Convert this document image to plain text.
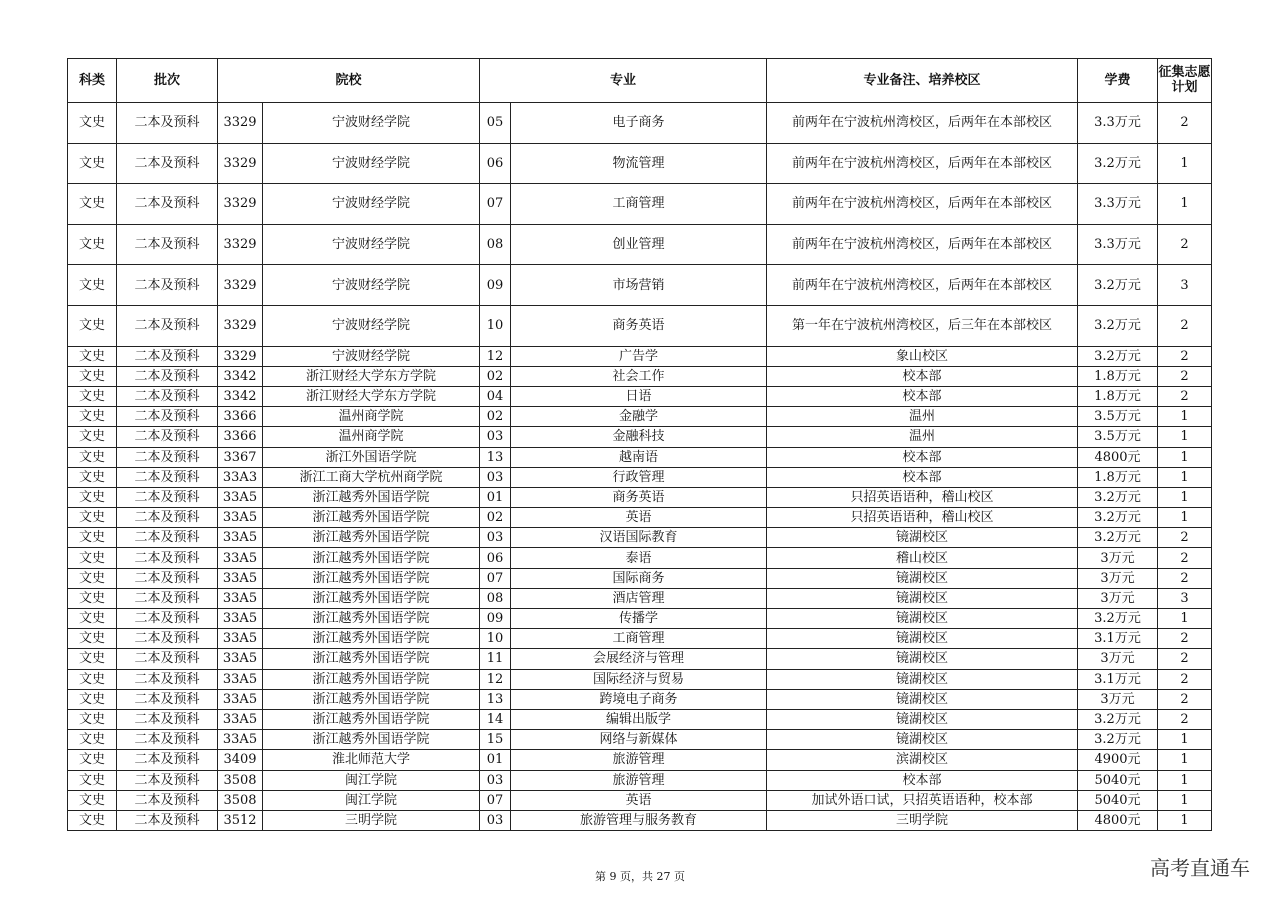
科类	批次	院校		专业		专业备注、培养校区	学费	征集志愿计划
文史	二本及预科	3329	宁波财经学院	05	电子商务	前两年在宁波杭州湾校区，后两年在本部校区	3.3万元	2
文史	二本及预科	3329	宁波财经学院	06	物流管理	前两年在宁波杭州湾校区，后两年在本部校区	3.2万元	1
文史	二本及预科	3329	宁波财经学院	07	工商管理	前两年在宁波杭州湾校区，后两年在本部校区	3.3万元	1
文史	二本及预科	3329	宁波财经学院	08	创业管理	前两年在宁波杭州湾校区，后两年在本部校区	3.3万元	2
文史	二本及预科	3329	宁波财经学院	09	市场营销	前两年在宁波杭州湾校区，后两年在本部校区	3.2万元	3
文史	二本及预科	3329	宁波财经学院	10	商务英语	第一年在宁波杭州湾校区，后三年在本部校区	3.2万元	2
文史	二本及预科	3329	宁波财经学院	12	广告学	象山校区	3.2万元	2
文史	二本及预科	3342	浙江财经大学东方学院	02	社会工作	校本部	1.8万元	2
文史	二本及预科	3342	浙江财经大学东方学院	04	日语	校本部	1.8万元	2
文史	二本及预科	3366	温州商学院	02	金融学	温州	3.5万元	1
文史	二本及预科	3366	温州商学院	03	金融科技	温州	3.5万元	1
文史	二本及预科	3367	浙江外国语学院	13	越南语	校本部	4800元	1
文史	二本及预科	33A3	浙江工商大学杭州商学院	03	行政管理	校本部	1.8万元	1
文史	二本及预科	33A5	浙江越秀外国语学院	01	商务英语	只招英语语种，稽山校区	3.2万元	1
文史	二本及预科	33A5	浙江越秀外国语学院	02	英语	只招英语语种，稽山校区	3.2万元	1
文史	二本及预科	33A5	浙江越秀外国语学院	03	汉语国际教育	镜湖校区	3.2万元	2
文史	二本及预科	33A5	浙江越秀外国语学院	06	泰语	稽山校区	3万元	2
文史	二本及预科	33A5	浙江越秀外国语学院	07	国际商务	镜湖校区	3万元	2
文史	二本及预科	33A5	浙江越秀外国语学院	08	酒店管理	镜湖校区	3万元	3
文史	二本及预科	33A5	浙江越秀外国语学院	09	传播学	镜湖校区	3.2万元	1
文史	二本及预科	33A5	浙江越秀外国语学院	10	工商管理	镜湖校区	3.1万元	2
文史	二本及预科	33A5	浙江越秀外国语学院	11	会展经济与管理	镜湖校区	3万元	2
文史	二本及预科	33A5	浙江越秀外国语学院	12	国际经济与贸易	镜湖校区	3.1万元	2
文史	二本及预科	33A5	浙江越秀外国语学院	13	跨境电子商务	镜湖校区	3万元	2
文史	二本及预科	33A5	浙江越秀外国语学院	14	编辑出版学	镜湖校区	3.2万元	2
文史	二本及预科	33A5	浙江越秀外国语学院	15	网络与新媒体	镜湖校区	3.2万元	1
文史	二本及预科	3409	淮北师范大学	01	旅游管理	滨湖校区	4900元	1
文史	二本及预科	3508	闽江学院	03	旅游管理	校本部	5040元	1
文史	二本及预科	3508	闽江学院	07	英语	加试外语口试，只招英语语种，校本部	5040元	1
文史	二本及预科	3512	三明学院	03	旅游管理与服务教育	三明学院	4800元	1
第 9 页，共 27 页	高考直通车
